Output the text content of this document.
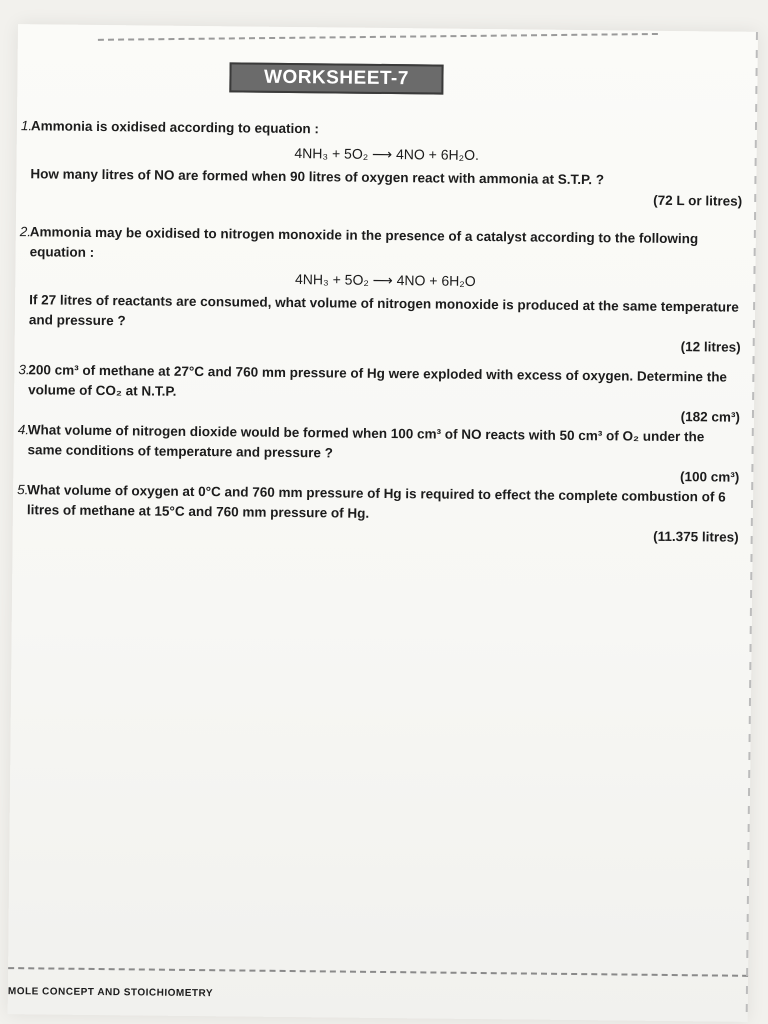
WORKSHEET-7
1.
Ammonia is oxidised according to equation :
4NH₃ + 5O₂ ⟶ 4NO + 6H₂O.
How many litres of NO are formed when 90 litres of oxygen react with ammonia at S.T.P. ?
(72 L or litres)
2.
Ammonia may be oxidised to nitrogen monoxide in the presence of a catalyst according to the following equation :
4NH₃ + 5O₂ ⟶ 4NO + 6H₂O
If 27 litres of reactants are consumed, what volume of nitrogen monoxide is produced at the same temperature and pressure ?
(12 litres)
3.
200 cm³ of methane at 27°C and 760 mm pressure of Hg were exploded with excess of oxygen. Determine the volume of CO₂ at N.T.P.
(182 cm³)
4.
What volume of nitrogen dioxide would be formed when 100 cm³ of NO reacts with 50 cm³ of O₂ under the same conditions of temperature and pressure ?
(100 cm³)
5.
What volume of oxygen at 0°C and 760 mm pressure of Hg is required to effect the complete combustion of 6 litres of methane at 15°C and 760 mm pressure of Hg.
(11.375 litres)
MOLE CONCEPT AND STOICHIOMETRY
